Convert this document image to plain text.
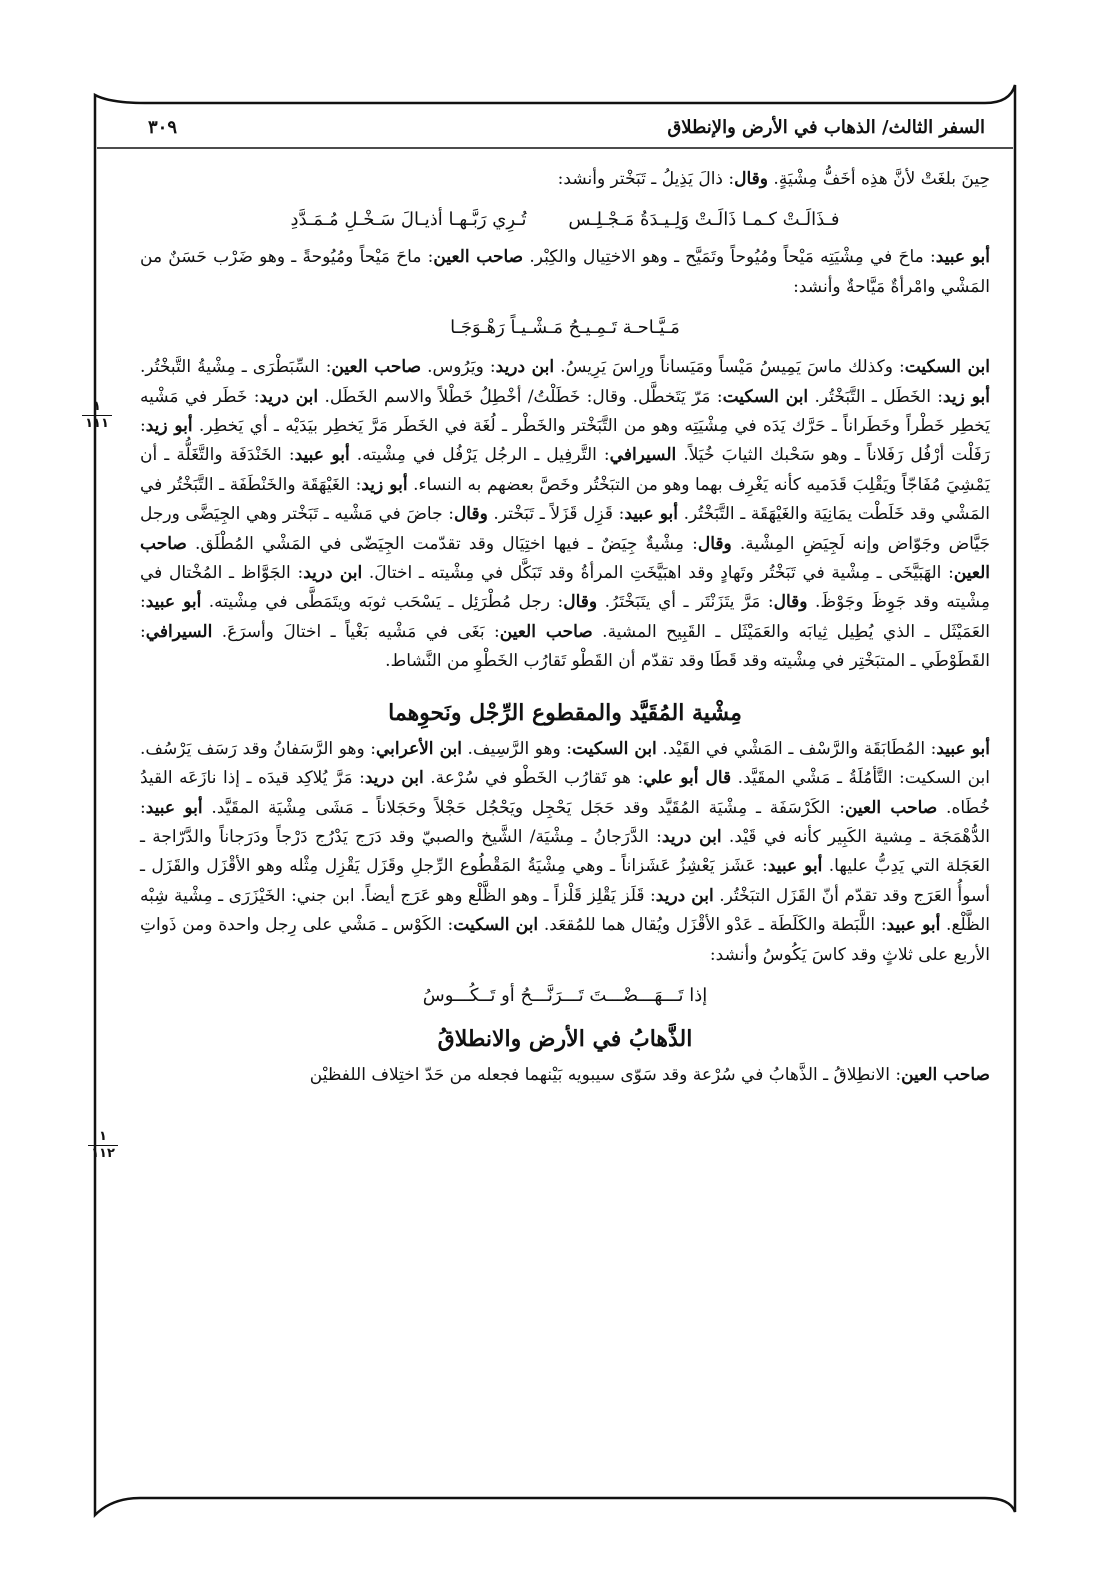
السفر الثالث/ الذهاب في الأرض والإنطلاق
٣٠٩
١
١١١
١
١١٢

حِينَ بلغَتْ لأنَّ هذِه أخَفُّ مِشْيَةٍ. وقال: ذالَ يَذِيلُ ـ تَبَخْتر وأنشد:

فـذَالَـتْ كـمـا ذَالَـتْ وَلِـيـدَةُ مَـجْـلِـس تُـرِي رَبَّـهـا أذيـالَ سَـخْـلِ مُـمَـدَّدِ

أبو عبيد: ماحَ في مِشْيَتِه مَيْحاً ومُيُوحاً وتَمَيَّح ـ وهو الاختِيال والكِبْر. صاحب العين: ماحَ مَيْحاً ومُيُوحةً ـ وهو ضَرْب حَسَنٌ من المَشْي وامْرأةٌ مَيَّاحةٌ وأنشد:

مَـيَّـاحـة تَـمِـيـحُ مَـشْـيـاً رَهْـوَجَـا

ابن السكيت: وكذلك ماسَ يَمِيسُ مَيْساً ومَيَساناً ورِاسَ يَرِيسُ. ابن دريد: ويَرُوس. صاحب العين: السِّبَطْرَى ـ مِشْيةُ التَّبخْتُر. أبو زيد: الخَطَل ـ التَّبَخْتُر. ابن السكيت: مَرّ يَتَخطَّل. وقال: خَطَلْتُ/ أخْطِلُ خَطْلاً والاسم الخَطَل. ابن دريد: خَطَر في مَشْيه يَخطِر خَطْراً وخَطَراناً ـ حَرَّك يَدَه في مِشْيَتِه وهو من التَّبَخْتر والخَطْر ـ لُغَة في الخَطَر مَرَّ يَخطِر بيَدَيْه ـ أي يَخطِر. أبو زيد: رَفَلْت أرْفُل رَفَلاناً ـ وهو سَحْبك الثيابَ خُيَلاً. السيرافي: التَّرفِيل ـ الرجُل يَرْفُل في مِشْيته. أبو عبيد: الخَنْدَفَة والتَّغَلُّة ـ أن يَمْشِيَ مُفَاجّاً ويَقْلِبَ قَدَميه كأنه يَغْرِف بهما وهو من التبَخْتُر وخَصَّ بعضهم به النساء. أبو زيد: الغَيْهَقَة والخَنْطَفَة ـ التَّبَخْتُر في المَشْي وقد خَلَطْت يمَانِيَة والغَيْهَقَة ـ التَّبَخْتُر. أبو عبيد: قَزِل قَزَلاً ـ تَبَخْتر. وقال: جاضَ في مَشْيه ـ تَبَخْتر وهي الجِيَضَّى ورجل جَيَّاض وجَوّاض وإنه لَجِيَضِ المِشْية. وقال: مِشْيةٌ جِيَضٌ ـ فيها اختِيَال وقد تقدّمت الجِيَضّى في المَشْي المُطْلَق. صاحب العين: الهَبَيَّخَى ـ مِشْية في تَبَخْتُر وتَهادٍ وقد اهبَيَّخَتِ المرأةُ وقد تَبَكَّل في مِشْيته ـ اختالَ. ابن دريد: الجَوَّاظ ـ المُخْتال في مِشْيته وقد جَوِظَ وجَوْظَ. وقال: مَرَّ يتَزَنْتَر ـ أي يتَبَخْتَرُ. وقال: رجل مُطْرَئِل ـ يَسْحَب ثوبَه ويتَمَطَّى في مِشْيته. أبو عبيد: العَمَيْثَل ـ الذي يُطِيل ثِيابَه والعَمَيْثَل ـ القَبِيح المشية. صاحب العين: بَغَى في مَشْيه بَغْياً ـ اختالَ وأسرَعَ. السيرافي: القَطَوْطَي ـ المتبَخْتِر في مِشْيته وقد قَطَا وقد تقدّم أن القَطْو تَقارُب الخَطْوِ من النَّشاط.

مِشْية المُقَيَّد والمقطوع الرِّجْل ونَحوِهما

أبو عبيد: المُطَابَقَة والرَّسْف ـ المَشْي في القَيْد. ابن السكيت: وهو الرَّسِيف. ابن الأعرابي: وهو الرَّسَفانُ وقد رَسَف يَرْسُف. ابن السكيت: التَّأمُلَةُ ـ مَشْي المقَيَّد. قال أبو علي: هو تَقارُب الخَطْو في سُرْعة. ابن دريد: مَرَّ يُلاكِد قيدَه ـ إذا نازَعَه القيدُ خُطَاه. صاحب العين: الكَرْسَفَة ـ مِشْيَة المُقَيَّد وقد حَجَل يَحْجِل ويَحْجُل حَجْلاً وحَجَلاناً ـ مَشَى مِشْيَة المقَيَّد. أبو عبيد: الدُّهْمَجَة ـ مِشية الكَبِير كأنه في قَيْد. ابن دريد: الدَّرَجانُ ـ مِشْيَة/ الشَّيخ والصبيّ وقد دَرَج يَدْرُج دَرْجاً ودَرَجاناً والدَّرّاجة ـ العَجَلة التي يَدِبُّ عليها. أبو عبيد: عَشَز يَعْشِزُ عَشَزاناً ـ وهي مِشْيَةُ المَقْطُوع الرِّجلِ وقَزَل يَقْزِل مِثْله وهو الأقْزَل والقَزَل ـ أسوأُ العَرَج وقد تقدّم أنّ القَزَل التبَخْتُر. ابن دريد: قَلَز يَقْلِز قَلْزاً ـ وهو الظَّلْع وهو عَرَج أيضاً. ابن جني: الخَيْزَرَى ـ مِشْية شِبْه الظَّلْع. أبو عبيد: اللَّبَطة والكَلَطَة ـ عَدْو الأقْزَل ويُقال هما للمُقعَد. ابن السكيت: الكَوْس ـ مَشْي على رِجل واحدة ومن ذَواتِ الأربع على ثلاثٍ وقد كاسَ يَكُوسُ وأنشد:

إذا تَـــهَـــضْـــتَ تَـــرَنَّـــحُ أو تَــكُـــوسُ
الذَّهابُ في الأرض والانطلاقُ

صاحب العين: الانطِلاقُ ـ الذَّهابُ في سُرْعة وقد سَوّى سيبويه بَيْنهما فجعله من حَدّ اختِلاف اللفظيْن
